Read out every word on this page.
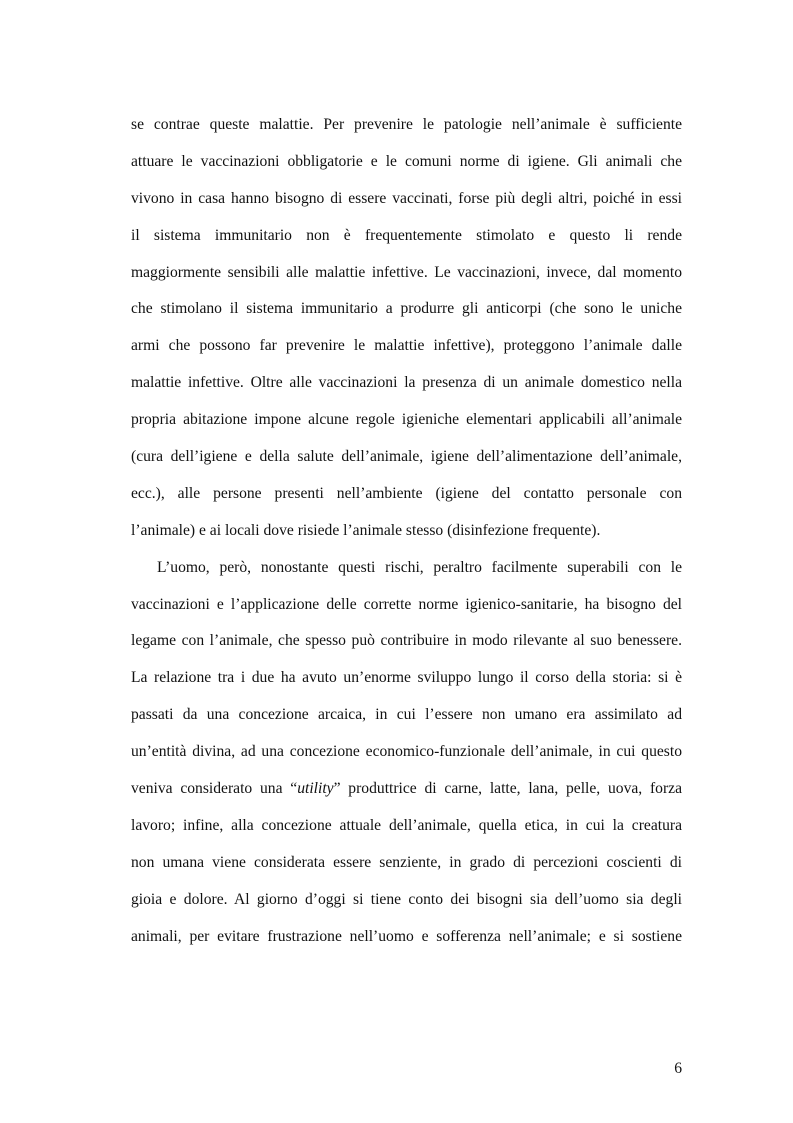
se contrae queste malattie. Per prevenire le patologie nell’animale è sufficiente
attuare le vaccinazioni obbligatorie e le comuni norme di igiene. Gli animali che
vivono in casa hanno bisogno di essere vaccinati, forse più degli altri, poiché in essi
il sistema immunitario non è frequentemente stimolato e questo li rende
maggiormente sensibili alle malattie infettive. Le vaccinazioni, invece, dal momento
che stimolano il sistema immunitario a produrre gli anticorpi (che sono le uniche
armi che possono far prevenire le malattie infettive), proteggono l’animale dalle
malattie infettive. Oltre alle vaccinazioni la presenza di un animale domestico nella
propria abitazione impone alcune regole igieniche elementari applicabili all’animale
(cura dell’igiene e della salute dell’animale, igiene dell’alimentazione dell’animale,
ecc.), alle persone presenti nell’ambiente (igiene del contatto personale con
l’animale) e ai locali dove risiede l’animale stesso (disinfezione frequente).
L’uomo, però, nonostante questi rischi, peraltro facilmente superabili con le
vaccinazioni e l’applicazione delle corrette norme igienico-sanitarie, ha bisogno del
legame con l’animale, che spesso può contribuire in modo rilevante al suo benessere.
La relazione tra i due ha avuto un’enorme sviluppo lungo il corso della storia: si è
passati da una concezione arcaica, in cui l’essere non umano era assimilato ad
un’entità divina, ad una concezione economico-funzionale dell’animale, in cui questo
veniva considerato una “utility” produttrice di carne, latte, lana, pelle, uova, forza
lavoro; infine, alla concezione attuale dell’animale, quella etica, in cui la creatura
non umana viene considerata essere senziente, in grado di percezioni coscienti di
gioia e dolore. Al giorno d’oggi si tiene conto dei bisogni sia dell’uomo sia degli
animali, per evitare frustrazione nell’uomo e sofferenza nell’animale; e si sostiene
6
